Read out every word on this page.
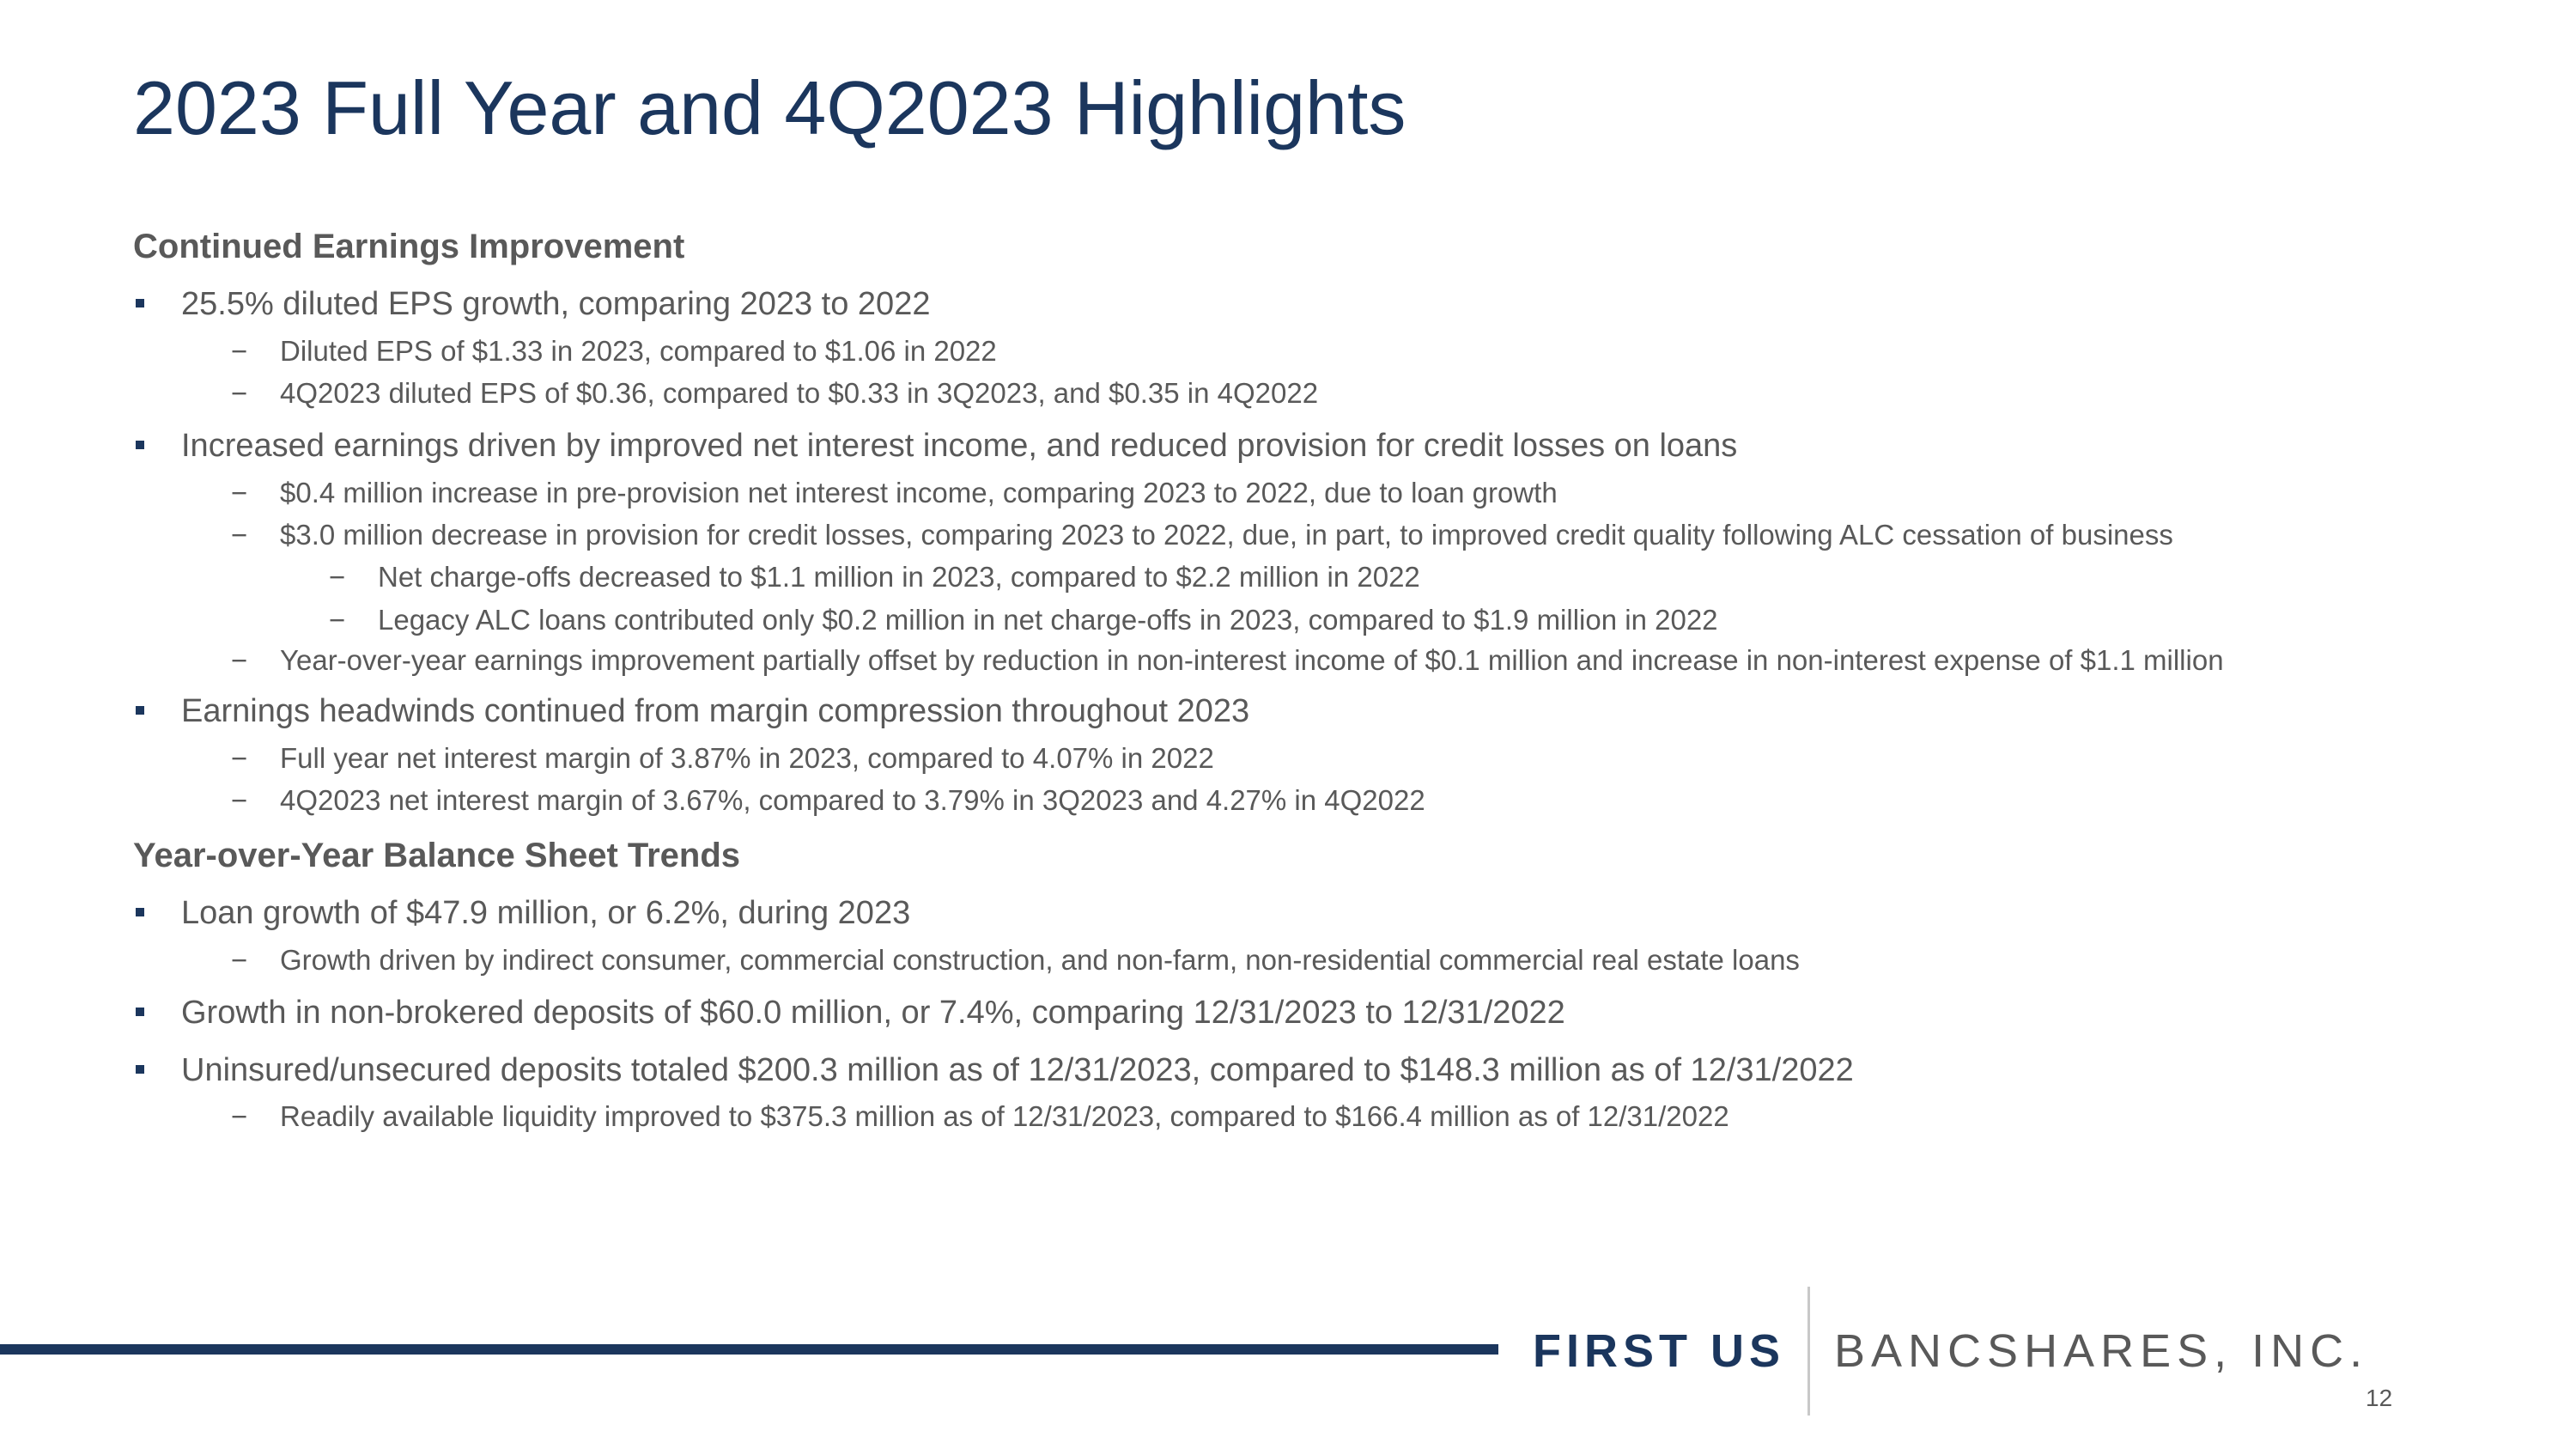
2023 Full Year and 4Q2023 Highlights
Continued Earnings Improvement
25.5% diluted EPS growth, comparing 2023 to 2022
− Diluted EPS of $1.33 in 2023, compared to $1.06 in 2022
− 4Q2023 diluted EPS of $0.36, compared to $0.33 in 3Q2023, and $0.35 in 4Q2022
Increased earnings driven by improved net interest income, and reduced provision for credit losses on loans
− $0.4 million increase in pre-provision net interest income, comparing 2023 to 2022, due to loan growth
− $3.0 million decrease in provision for credit losses, comparing 2023 to 2022, due, in part, to improved credit quality following ALC cessation of business
− Net charge-offs decreased to $1.1 million in 2023, compared to $2.2 million in 2022
− Legacy ALC loans contributed only $0.2 million in net charge-offs in 2023, compared to $1.9 million in 2022
− Year-over-year earnings improvement partially offset by reduction in non-interest income of $0.1 million and increase in non-interest expense of $1.1 million
Earnings headwinds continued from margin compression throughout 2023
− Full year net interest margin of 3.87% in 2023, compared to 4.07% in 2022
− 4Q2023 net interest margin of 3.67%, compared to 3.79% in 3Q2023 and 4.27% in 4Q2022
Year-over-Year Balance Sheet Trends
Loan growth of $47.9 million, or 6.2%, during 2023
− Growth driven by indirect consumer, commercial construction, and non-farm, non-residential commercial real estate loans
Growth in non-brokered deposits of $60.0 million, or 7.4%, comparing 12/31/2023 to 12/31/2022
Uninsured/unsecured deposits totaled $200.3 million as of 12/31/2023, compared to $148.3 million as of 12/31/2022
− Readily available liquidity improved to $375.3 million as of 12/31/2023, compared to $166.4 million as of 12/31/2022
FIRST US BANCSHARES, INC.
12
